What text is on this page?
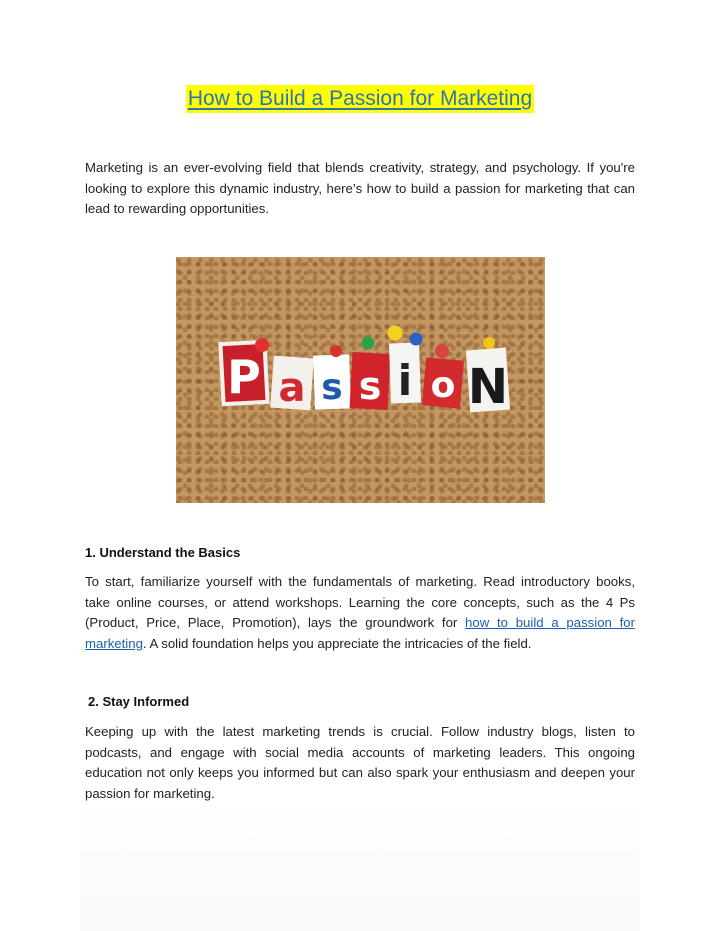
How to Build a Passion for Marketing

Marketing is an ever-evolving field that blends creativity, strategy, and psychology. If you're looking to explore this dynamic industry, here’s how to build a passion for marketing that can lead to rewarding opportunities.

P a s s i o N
1. Understand the Basics

To start, familiarize yourself with the fundamentals of marketing. Read introductory books, take online courses, or attend workshops. Learning the core concepts, such as the 4 Ps (Product, Price, Place, Promotion), lays the groundwork for how to build a passion for marketing. A solid foundation helps you appreciate the intricacies of the field.

2. Stay Informed

Keeping up with the latest marketing trends is crucial. Follow industry blogs, listen to podcasts, and engage with social media accounts of marketing leaders. This ongoing education not only keeps you informed but can also spark your enthusiasm and deepen your passion for marketing.
